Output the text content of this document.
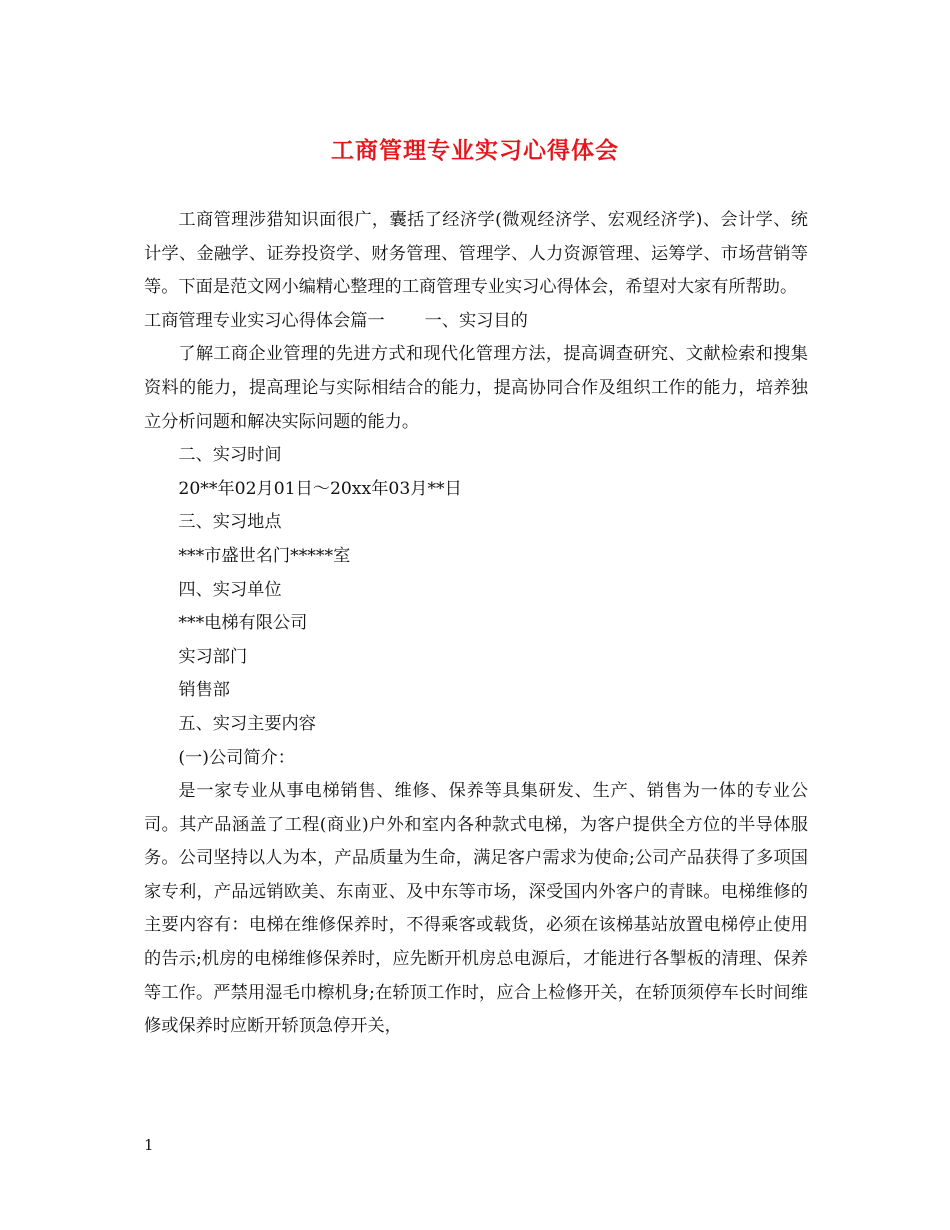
工商管理专业实习心得体会

工商管理涉猎知识面很广，囊括了经济学(微观经济学、宏观经济学)、会计学、统计学、金融学、证券投资学、财务管理、管理学、人力资源管理、运筹学、市场营销等等。下面是范文网小编精心整理的工商管理专业实习心得体会，希望对大家有所帮助。

工商管理专业实习心得体会篇一 一、实习目的

了解工商企业管理的先进方式和现代化管理方法，提高调查研究、文献检索和搜集资料的能力，提高理论与实际相结合的能力，提高协同合作及组织工作的能力，培养独立分析问题和解决实际问题的能力。

二、实习时间

20**年02月01日～20xx年03月**日

三、实习地点

***市盛世名门*****室

四、实习单位

***电梯有限公司

实习部门

销售部

五、实习主要内容

(一)公司简介：

是一家专业从事电梯销售、维修、保养等具集研发、生产、销售为一体的专业公司。其产品涵盖了工程(商业)户外和室内各种款式电梯，为客户提供全方位的半导体服务。公司坚持以人为本，产品质量为生命，满足客户需求为使命;公司产品获得了多项国家专利，产品远销欧美、东南亚、及中东等市场，深受国内外客户的青睐。电梯维修的主要内容有：电梯在维修保养时，不得乘客或载货，必须在该梯基站放置电梯停止使用的告示;机房的电梯维修保养时，应先断开机房总电源后，才能进行各掣板的清理、保养等工作。严禁用湿毛巾檫机身;在轿顶工作时，应合上检修开关，在轿顶须停车长时间维修或保养时应断开轿顶急停开关，

1
